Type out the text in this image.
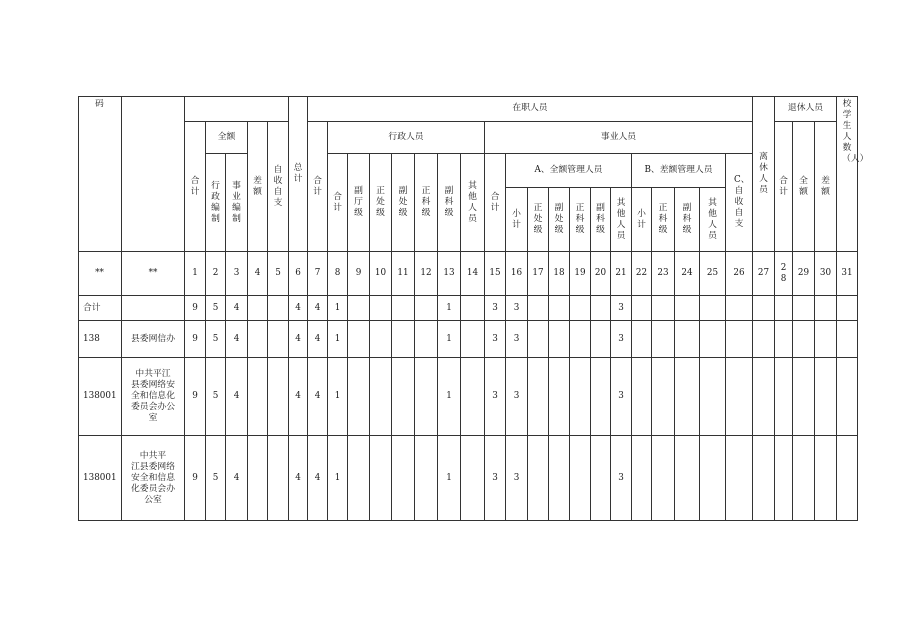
3
3
3
1
1
4
4
4
5
9
中共平
江县委网络
安全和信息
化委员会办
公室
138001
3
3
3
1
1
4
4
4
5
9
中共平江
县委网络安
全和信息化
委员会办公
室
138001
3
3
3
1
1
4
4
4
5
9
县委网信办
138
3
3
3
1
1
4
4
4
5
9
合计
31
30
29
28
27
26
25
24
23
22
21
20
19
18
17
16
15
14
13
12
11
10
9
8
7
6
5
4
3
2
1
**
**
其他人员
副科级
正科级
小计
其他人员
副科级
正科级
副处级
正处级
小计
C、自收自支
B、差额管理人员
A、全额管理人员
合计
其他人员
副科级
正科级
副处级
正处级
副厅级
合计
事业编制
行政编制
差额
全额
合计
事业人员
行政人员
合计
自收自支
差额
全额
合计
校学生人数（人）
退休人员
离休人员
在职人员
总计
码
